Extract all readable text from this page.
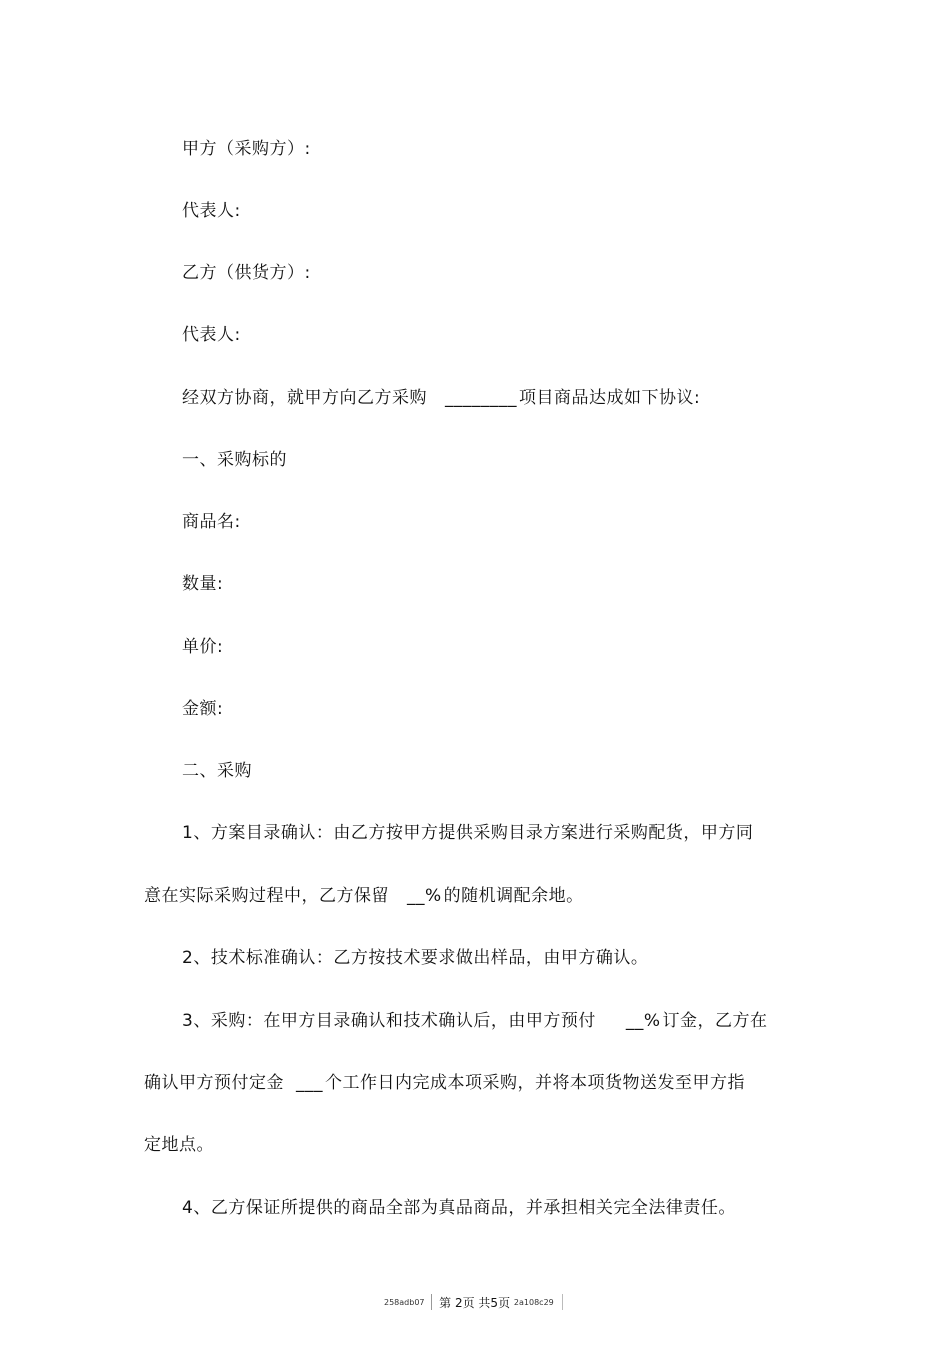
甲方（采购方）:
代表人:
乙方（供货方）:
代表人:
经双方协商，就甲方向乙方采购 ________ 项目商品达成如下协议:
一、采购标的
商品名:
数量:
单价:
金额:
二、采购
1、方案目录确认：由乙方按甲方提供采购目录方案进行采购配货，甲方同
意在实际采购过程中，乙方保留 __% 的随机调配余地。
2、技术标准确认：乙方按技术要求做出样品，由甲方确认。
3、采购：在甲方目录确认和技术确认后，由甲方预付 __% 订金，乙方在
确认甲方预付定金 ___ 个工作日内完成本项采购，并将本项货物送发至甲方指
定地点。
4、乙方保证所提供的商品全部为真品商品，并承担相关完全法律责任。
258adb07 第 2页 共5页 2a108c29
